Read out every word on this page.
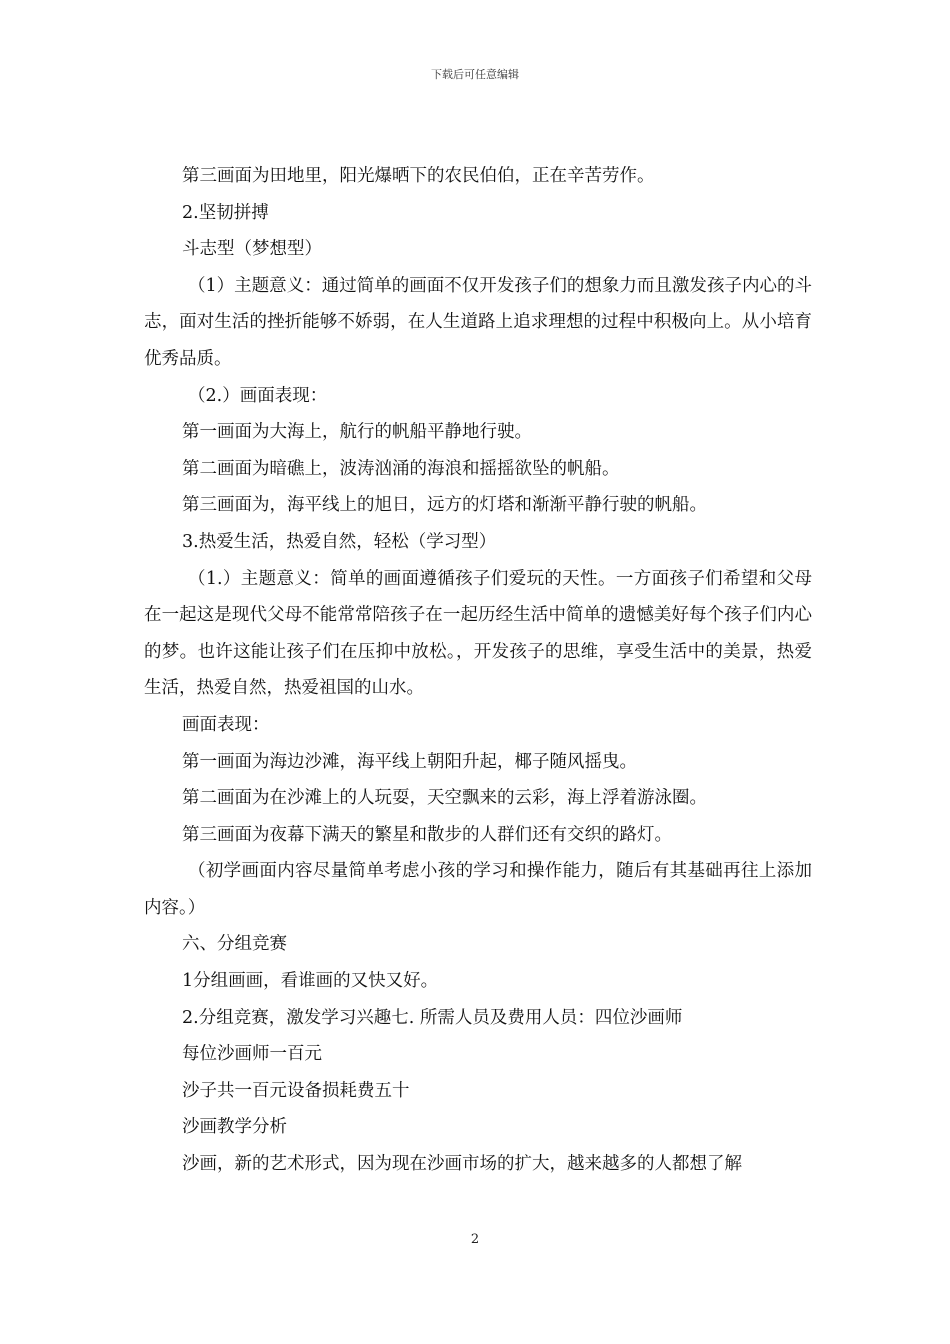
下载后可任意编辑

第三画面为田地里，阳光爆晒下的农民伯伯，正在辛苦劳作。

2.坚韧拼搏

斗志型（梦想型）

（1）主题意义：通过简单的画面不仅开发孩子们的想象力而且激发孩子内心的斗志，面对生活的挫折能够不娇弱，在人生道路上追求理想的过程中积极向上。从小培育优秀品质。

（2.）画面表现：

第一画面为大海上，航行的帆船平静地行驶。

第二画面为暗礁上，波涛汹涌的海浪和摇摇欲坠的帆船。

第三画面为，海平线上的旭日，远方的灯塔和渐渐平静行驶的帆船。

3.热爱生活，热爱自然，轻松（学习型）

（1.）主题意义：简单的画面遵循孩子们爱玩的天性。一方面孩子们希望和父母在一起这是现代父母不能常常陪孩子在一起历经生活中简单的遗憾美好每个孩子们内心的梦。也许这能让孩子们在压抑中放松。，开发孩子的思维，享受生活中的美景，热爱生活，热爱自然，热爱祖国的山水。

画面表现：

第一画面为海边沙滩，海平线上朝阳升起，椰子随风摇曳。

第二画面为在沙滩上的人玩耍，天空飘来的云彩，海上浮着游泳圈。

第三画面为夜幕下满天的繁星和散步的人群们还有交织的路灯。

（初学画面内容尽量简单考虑小孩的学习和操作能力，随后有其基础再往上添加内容。）

六、分组竞赛

1分组画画，看谁画的又快又好。

2.分组竞赛，激发学习兴趣七. 所需人员及费用人员：四位沙画师

每位沙画师一百元

沙子共一百元设备损耗费五十

沙画教学分析

沙画，新的艺术形式，因为现在沙画市场的扩大，越来越多的人都想了解

2
